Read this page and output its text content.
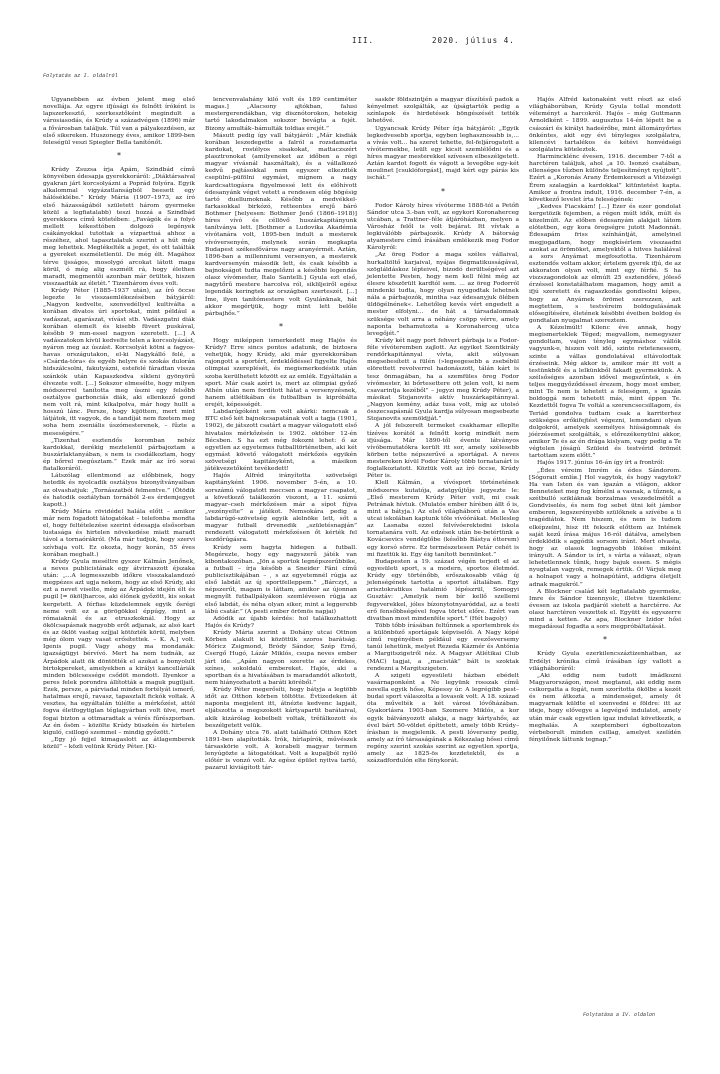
III.	2020. július 4.
Folytatás az I. oldalról

Ugyanebben az évben jelent meg első novellája. Az egyre ifjúsági és felnőtt íróként is lapszerkesztő, szerkesztőként megindult a városiasodás, és Krúdy a századvégen (1896) már a fővárosban találjuk. Túl van a pályakezdésen, az első sikereken. Huszonegy éves, amikor 1899-ben feleségül veszi Spiegler Bella tanítónőt.

*

Krúdy Zsuzsa írja Apám, Szindbád című könyvében édesapja gyerekkoráról: „Diáktársaival gyakran járt korcsolyázni a Poprád folyóra. Egyik alkalommal vigyázatlanságból beesett egy hálóséklébe.” Krúdy Mária (1907–1973, az író első házasságából született három gyermeke közül a legfiatalabb) teszi hozzá a Szindbád gyerekkora című kötetében: „Favágók és a folyó mellett kékesttóben dolgozó legények csákányokkal tutottak a vízparttuá ahhoz a részéhez, ahol tapasztalatuk szerint a hút még meg lehettek. Meglékelték a jeget, és ott találták a gyereket eszméletlenül. De még élt. Magához térve ijsságos, mosolygó arcokat látott maga körül, ó még alig eszmélt rá, hogy élethen maradt, megmentõi azonban már örültek, hiszen visszaadták az életét.” Tizenhárom éves volt.

Krúdy Péter (1885–1937 után), az író öccse legezte le visszaemlékezésében bátyjáról: „Nagyon kedvelte, szenvedéllyel kultiválta a korában divatos úri sportokat, mint például a vadászat, agarászat, vívást stb. Vadászgatni diák korában elemelt és kisebb füvert puskával, később 9 mm-essel nagyon szeretett. [...] A vadászatokon kívül kedvelte telen a korcsolyázást, nyáron meg az úszást. Korcsolyát kötni a fagyos-havas országutakon, el-ki Nagykálló felé, a »Csárda-tóra« és egyéb helyre és szokás dulorán hidszálcsolni, fakutyázni, estefelé fáradtan vissza szánkók után Kapaszkodva síkleni gyönyörű élvezete volt. [...] Sokszor elmesélte, hogy milyen módszerrel tanította meg úszni egy felsőbb osztályos garbonciás diák, aki ellenkező gond nem volt rá, mint kikalpolva, már hogy hullt a hosszú lánc. Persze, hogy kijöttem, mert mint látjátok, itt vagyok, de a tandíját nem fizetem meg soha hem zseniális úszómesterenek, – fűzte a meseségére.”

„Tizenhat esztendős koromban nehéz kardokkal, derékig meztelenül párbajoztam a huszárlaktanyában, s nem is csodálkoztam, hogy ép bőrrel megúsztam.” Ezek már az író sorai fiatalkoráról.

Látszólag ellentmond az előbbinek, hogy hetedik és nyolcadik osztályos bizonyítványaiban az olvashatjuk: „Tornászatból felmentve.” (Ötödik és hatodik osztályban tornából 2-es érdemjegyet kapott.)

Krúdy Mária rövidédel halála előtt – amikor már nem fogadott látogatókat – telefonba mondta el, hogy feltételezése szerint édesapja elsősorban lustasága és hirtelen növekedése miatt maradt távol a tornaórákról. (Ma már tudjuk, hogy szervi szívbaja volt. Ez okozta, hogy korán, 55 éves korában meghalt.)

Krúdy Gyula meséltre gyszer Kálmán Jenőnek, a neves publicistának egy átvirraszott éjszaka után: „...A legmesszebb időkre visszakalandozó megpézes azt ugja nekem, hogy az első Krúdy, aki ezt a nevet viselte, még az Árpádok idején élt és pugil [= ököl]harcos, aki élőnek győzött, kis sokat kergetett. A férfias küzdelemnek egyik ősrégi neme volt ez a görögökkel éppúgy, mint a rómaiaknál és az etruszkoknál. Hogy az ökölcsapásnak nagyobb erőt adjanak, az alsó kart és az öklöt vastag szíjjal kötözték körül, melyben még ólom vagy vasat erősítettek. – K. A.] volt. Igenis pugil. Vagy ahogy ma mondanák: igazságügyi bérvívó. Mert ha nem tudnák, az Árpádok alatt ök döntötték el azokat a bonyolult birtokpereket, amelyekben a királyi kancelláriák minden bölcsessége csődöt mondott. Ilyenkor a peres felek porondra állították a maguk pugiljait. Ezek, persze, a párviadal minden fortélyát ismerő, hatalmas erejű, ravasz, tapasztalt fickók voltak. A vesztes, ha egyáltalán túlélte a mérkőzést, attól fogva életfogytiglan téglagyárban volt ülve, mert fogai bizton a ottmaradtak a vérés fűrészporban. Az én ősöm – közölte Krúdy büszkén és hirtelen kiguló, csillogó szemmel – mindig győzött.”

„Egy jó fejjel kimagaslott az átlagemberek közül” – közli velünk Krúdy Péter. [Ki-

lencvenvalahány kiló volt és 189 centiméter magas.] „Alacsony ajtókban, falusi mestergerendákban, vig disznótorokon, hetekig tartó lakodalmakon sokszor bevágta a fejét. Bizony amulták–bámulták toldias erejét.”

Másutt pedig így vall bátyjáról: „Már kisdiák korában leszedegette a falról a rozsdamarta kardokat, rostélyos sisakokat, mattaczszért plasztronokat (amilyeneket az időben a régi magyar vívásnál használtak), és a vállalkozó kedvű pajtásokkal nem egyszer elkezdték csepülni–püfölni egymást, mígnem a nagy kardcsattogásra figyelmessé lett és előhívott édesanyánk véget vetett a rendesen elég bögésig tartó duellumoknak. Később a medvékkel-farkasokkal birkózó, retteentes erejű báró Bothmer [helyesen: Bothmer Jenő (1866–1918)] híres vívó és céllövő huszárkapitányunk tanítványa lett. [Bothmer a Ludovika Akadémia vívótanára volt, 1895-ben indult a mesterek vívóversenyén, melynek során megkapta Budapest székesfőváros nagy aranyérmét. Aztán, 1896-ban a millenniumi versenyen, a mesterek kardversenyén második lett, és csak később a bajnokságot tudta megelőzni a későbbi legendás olasz vívómester, Italo Santelli.] Gyula ezt első, nagytőrű mestere harcolva ról, sikliljeiről egész legendák keringtek az országban szerteszét. [...] Íme, ilyen tanítómestere volt Gyulánknak, hát akkor megértjük, hogy mint lett belőle párbajhős.”

*

Hogy miképpen ismerkedett meg Hajós és Krúdy? Erre sincs pontos adatunk, de biztosra vehetjük, hogy Krúdy, aki már gyerekkorában rajongott a sportért, érdeklődéssel figyelte Hajós olimpiai szereplését, és megismerkedésük után szoba kerülhetett között ez az emlék. Egyáltalán a sport. Már csak azért is, mert az olimpiai győző Athén után nem fordított hátat a versenyzésnek, hanem atlétikában és futballban is kipróbálta erejét, képességét.

Labdarúgóként sem volt akárki: nemcsak a BTC első két bajnokcsapatának volt a tagja (1901, 1902), de játszott csatárt a magyar válogatott első hivatalos mérkőzésén is 1902. október 12-én Bécsben. S ha ezt még fokozni lehet: ő az egyetlen az egyetemes futballtörténetben, aki két egymást követő válogatott mérkőzés egyikén szövetségi kapitányként, a másikon játékvezetőként tevékedett!

Hajós Alfréd irányította szövetségi kapitányként 1906. november 5-én, a 10. sorszámú válogatott meccsen a magyar csapatot, a következő találkozón viszont, a 11. számú magyar–cseh mérkőzésen már a sípot fújva „vezényelte” a játékot. Nemsokára pedig a labdarúgó-szövetség egyik alelnöke lett, sőt a magyar futball drvenedik „születésnapján” rendezett válogatott mérkőzésen őt kérték fel kezdőrúgásra.

Krúdy sem hagyta hidegen a futball. Megérezte, hogy egy nagyszerű játék van kibontakozóban. „Jön a sportok legnépszerűbbike, a futball – írja később a Sneider Fáni című publicisztikájában – , s az egyetemnél rúgja az első labdát az új sportfelleppem.” „Bárczyt, a népszerűt, magam is láttam, amikor az újonnan megnyílt futballpályákon szemlévesen rúgja az első labdát, és néha olyan siker, mint a leggerebb lábú csatár.” (A pesti ember örömös napjai)

Adódik az újabb kérdés: hol találkozhattott Hajós és Krúdy?

Krúdy Mária szerint a Dohány utcai Ottnon Körben alakult ki közöttük szoros barátság. Móricz Zsigmond, Bródy Sándor, Szép Ernő, Csergő Hugó, Lázár Miklós, csupa neves ember járt ide. „Apám nagyon szerette az érdekes, színes, sokoldalú embereket. Hajós, aki a sportban és a hivatásában is maradandót alkotott, nem hiányozhatott a baráti köréből.”

Krúdy Péter megerősíti, hogy bátyja a legtöbb időt az Otthon körben töltötte. Évtizedeken át naponta megjelent itt, átnézte kedvenc lapjait, eljátszotta a megszokott kártyapartit barátaival, akik kizárólag kebelbeli voltak, tréfálkozott és beszélgetett velük.

A Dohány utca 76. alatt található Otthon Kört 1891-ben alapították. Írók, hírlapírók, művészek társaskörie volt. A korabeli magyar termen lenyúgözte a látogatóikat. Volt a kupaljból nyíló előtér is vonzó volt. Az egész épület nyitva tartó, pazarul kiviágított tár-

saskör földszintjén a magyar díszítésű padok a kényelmet szolgálták, az újságtartók pedig a színlapok és hirdetések böngészését tették lehetővé.

Ugyancsak Krúdy Péter írja bátyjáról: „Egyik legkedvesebb sportja, egyben leghasznosabb is,... a vívás volt... ha szeret tehette, fel-feljárogatott a vívótermekbe, leült egy kicsit szemlélődni és a híres magyar mesterekkel szívesen elbeszélgetett. Aztán kardot fogott és vágott a levegőbe egy-két moulinet [csuklóforgást], majd kért egy párás kis ischát.”

*

Fodor Károly híres vívóterme 1888-tól a Petőfi Sándor utca 3.-ban volt, az egykori Koronaherceg utcában, a Trattner–féle átjáróházban, melyen a Városház felől is volt bejárat. Itt vívtak a legkiválóbb párbajozók. Krúdy A bátorság atyamestere című írásában emlékezik meg Fodor Károlyról:

„Az öreg Fodor a maga széles vállaival, hurkaltöltő karjaival, nyájas flegmatikusságával, szögláldáskoz lépteivel, bizodó derültségével azt jelentette Pesten, hogy nem kell félni még az élesre köszörült kardtól sem. ... az öreg Fodorról mindenki tudta, hogy olyan nyugodtak lehetnek nála a párbajozók, mintha »az édesanyjuk ölében üldögélnének«. Lehetőleg kevés vért engedett a mester elfolyni... de hát a társadalomnak szüksége volt arra a néhány csöpp vérre, amely naponta behamutozta a Koronaherceg utca levegőjét.”

Krúdy két nagy port fehvert párbaja is a Fodor-féle vívóteremben zajlott. Az egyiket Szentkirály rendőrkapitánnyal vívta, akit súlyosan megsebesített a fülén (»legeegesebb a zsebébül elörettett revolverrel hadonászott, tálán kárt is tesz önmagában, ha a szemfüles öreg Fodor vívómester, ki bőrtesettere ott jelen volt, ki nem csavarintja kezéből” – jegyzi meg Krúdy Péter), a másikat Stojanovits aktív huszárkapitánnyal. „Nagyon kemény, adáz tusa volt, míg az utolsó összecsapásnál Gyula kardja súlyosan megsebezte Stojanovits szemöldjját.”

A jól felszerelt termeket csakhamar elleplte tízéves korától a felnőtt korig mindkét nem ifjúsága. Már 1890-től évente látványos vívóbemutatókra került itt sor, amely szélesebb körben tette népszerűvé a sportágat. A neves mestereken kívül Fodor Károly több tornatanárt is foglalkoztatott. Köztük volt az író öccse, Krúdy Péter is.

Klell Kálmán, a vívósport történetének módszeres kutatója, adatgyűjtője jegyezte le: „Első mesterem Krúdy Péter volt, mi csak Petrának hívtuk. (Mulatós ember hírében állt ő is, mint a bátyja.) Az első világháború után a Vas utcai iskolában kaptunk tőle vívóórákat. Mellesleg az Lasnaba ezzel felvívóerektedni iskola tornatanára volt. Az edzések után be-betértünk a Kovácsevics vendéglőbe (később Bástya étterem) egy korsó sörre. Ez természetesen Petár cehét is mi fizettük ki. Egy éig tanított bennünket.”

Budapesten a 19. század végén terjedt el az egyesületi sport, s a modern, sportos életmód. Krúdy egy történőbb, erőszakosabb világ új jelenségének tartotta a sportot általában. Egy arisztokratikus hatalmió lépészrül, Somogyi Gusztáv: „Amelyik nem bír kellő szellemi fegyverekkel, jóles bízonytotnyaróddal, az a testi erő fensőbbségével fogva törtet előre. Ezért van divatban most mindenféle sport.” (Hét bagoly)

Több tőbb írásában feltűnnek a sportembrek és a különböző sportágak képviselői. A Nagy kópé című regényében például egy evezősversemy tanúi lehetünk, melyet Rezeda Kázmér és Antónia a Margitszigetről néz. A Magyar Atlétikai Club (MAC) tagjai, a „macisták” bált is szoktak rendezni a Margitszigeten.

A szigeti egyesületi házban ebédelt vasárnaponként a Ne legyünk rosszak című novella egyik hőse, Képessy úr. A legrégibb pest–budai sport válaszolta a lovasok volt. A 18. század óta művelték a két városi lóvőházában. Gyakorlásra 1903-ban Szemere Miklós, a kor egyik bálványozott alakja, a nagy kártyahős, az ével bárt 50-völdet építtetett, amely több Krúdy–írásban is megjelenik. A pesti lóverseny pedig, amely az író társaságának a Kékszalag hősei című regény szerint szokás szerint az egyetlen sportja, amely az 1825-ös kezdetektől, és a századfordulón elte fénykorát.

Hajós Alfréd katonaként vett részt az első világháborúban, Krúdy Gyula tollal mondott véleményt a harcokról. Hajós – még Guttmann Arnoldként – 1899. augusztus 14-én lépett be a császári és királyi hadeérőbe, mint állományőrtes önkéntes, akit egy évi tényleges szolgálatra, kilencévi tartalékos és kétévi honvédségi szolgálatra köteleztek.

Harmincklénc évesen, 1916. december 7-től a harctéren találjuk, ahol „a 10. Isonzó csatában, ellenséges tűzben különös teljesítményt nyújtott”. Ezért a „Koronás Arany Érdemkereszt a Vitézségi Érem szalagján a kardokkal” kitüntetést kapta. Amikor a frontra indult, 1916. december 7-én, a következő levelet írta feleségének:

„Kedves Fiacskám! [...] Ezer és ezer gondolat kergetözik fejemben, a régen múlt idők, múlt és közelmúlt. Az előben édesanyám alakjait látom elótetben, egy kora öregségre jutott Madonnát. Édesapám friss színhántját, amelyinel megjogadtam, hogy megkísérlem visszaadni azokat az örömöket, amelyektől a hitves halálával a sors Anyámat megfosztotta. Tizenhárom esztendős voltam akkor, értelem gyerek ifjú, de az akkoraton olyan volt, mint egy férfié. S ha viszszagondolok az elmúlt 25 esztendőre, jóleső érzéssel konstatálhatom magamon, hogy amit a ifjú szeretett és ragaszkodás gondisolni képes, hogy az Anyámek örömet szerezzen, azt megtettem, s testvéreim boldogulásának elősegítésére, életének késöbbi éveiben boldog és gondtalan nyugalmat szereztem.

A Kézelmúlt! Kilenc éve annak, hogy megismerteklek Téged; megvallom, nemegyszer gondoltam, vajon tényleg egymáshoz vállók vagyunk-e, hiszen volt idő, szinte reteteneseem, szinte a vállas gondolatával eltávolodtak érzéseink. Még akkor is, amikor már itt volt a testünkből és a lelkünkből fakadt gyermekünk. A szélsőséges azonban idővel megszűntek, s én teljes meggyőződéssel érezem, hogy most ember, mint Te nem is lehetett a feleségem, s igazán boldoggá nem tehetett más, mint éppen Te. Kezdettől fogva Te voltál a szerencsecsillagom, és Teriád gondolva tudtam csak a karriterhez szükséges erőkifejtést végezni, lemondani olyan dolgokról, amelyek személyes hiúságomnak és jóérzésemet szolgálták, s előrezékenyülni akkor, amikor Te és az én drága kislyam, vagy pedig a Te végtelen jóságú Szüleid és testvérid örömét tartottam szem előtt.”

Hajós 1917. június 16-án így írt a frontról:

„Édes véreim Imrém és édes Sándorom. [Sógorait emlíи.] Hol vagytok, és hogy vagytok? Ha van Isten és van igazán a világon, akkor Benneteket meg fog kímélni a vasnak, a tűznek, a szétbulló szikláknak borzalmas veszedelmétől a Gondviselés, és nem fog sebet ütni két jámbor emberen, legszerényebb szülőknek a szívébe a ti tragédiátok. Nem hiszem, és nem is tudom elképzelni, hisz itt fekszik előttem az Intének saját kezű írása május 16-ról dátálva, amelyben érdeklödik s aggódik sorsom iránt. Mert olvasta, hogy az olasok legnagyobb lökése miként irányult. A Sándor is írt, s várta a választ, olyan lehetetlennek tűnik, hogy bajuk essen. S mégis nyugtalan vagyok, remegek értük. Ó! Várjuk meg a holnapot vagy a holnapútánt, addigra életjelt adnak magukról.”

A Blockner család két legfiatalabb gyermeke, Imre és Sándor tizennyolc, illetve tizenkilenc évesen az iskola padjáról sietett a harctérre. Az olasz harctéren veszettek el. Együtt és egyszerre mind a ketten. Az apa, Blockner Izidor hősi megadással fogadta a sors megpróbáltatását.

*

Krúdy Gyula ezerkilencszáztizenhatban, az Erdélyi krónika című írásában így vallott a világháborúról:

„Aki eddig nem tudott imádkozni Magyarországon, most megtanul, aki eddig nem csikorgatta a fogát, nem szorította ökölbe a kezét és nem átkozta a mindenséget, amely őt magyarnak küldte el szenvedni e földre: itt az ideje, hogy elővegye a legvégső indulatot, amely után már csak egyetlen igaz indulat következik, a meghalás. A szeptemberi égboltozaton vérbeborult minden csillag, amelyet szelídén fényilőnek láttunk tegnap.”

Folytatása a IV. oldalon
